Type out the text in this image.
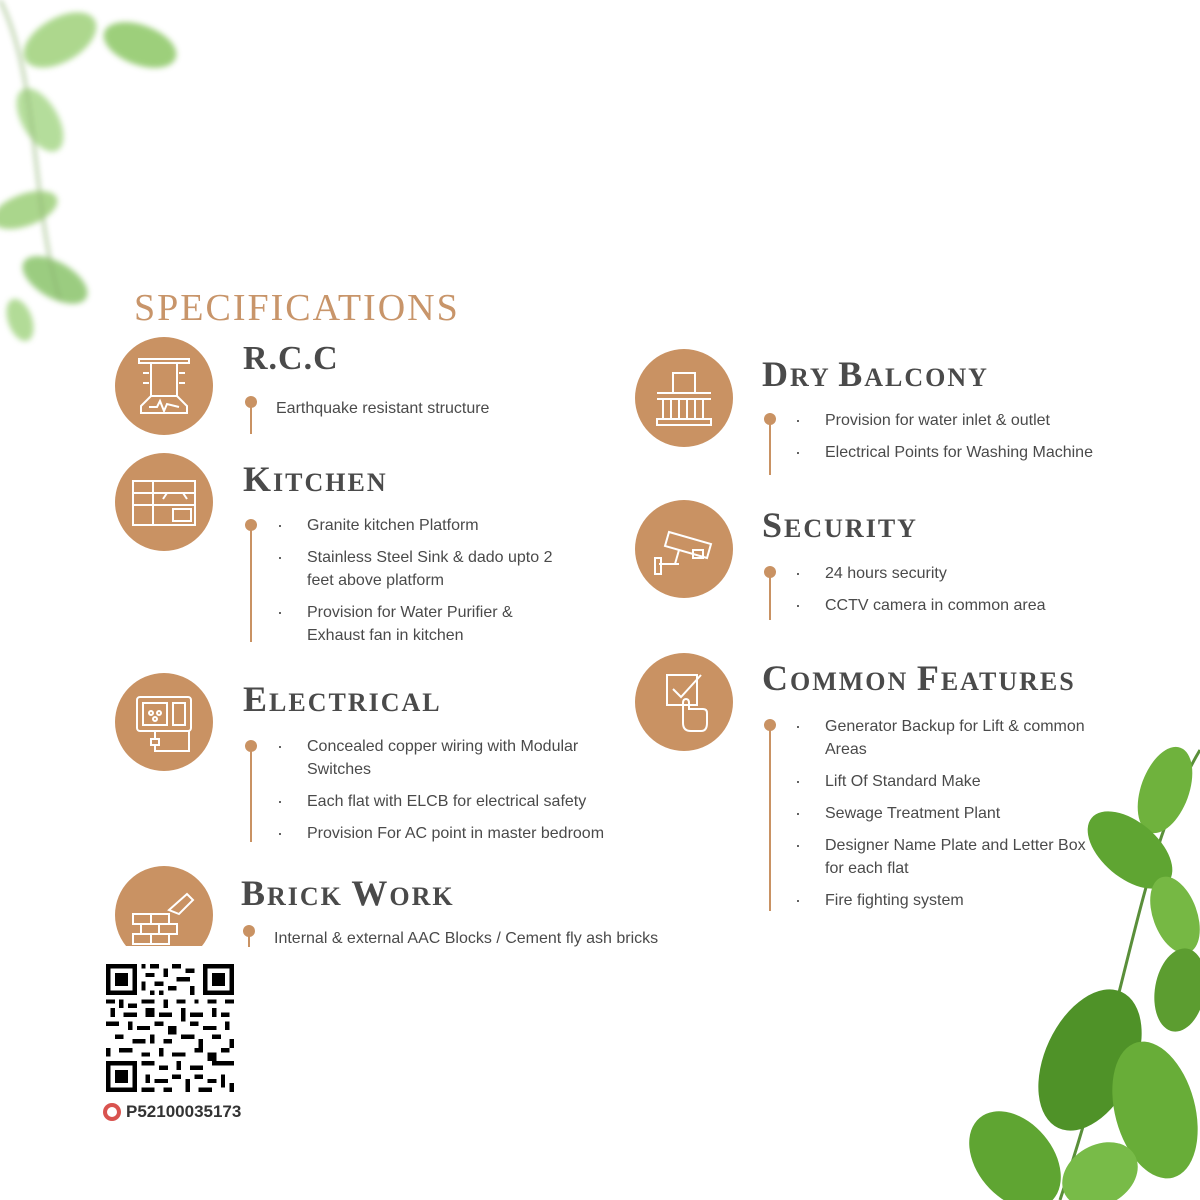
SPECIFICATIONS
R.C.C
Earthquake resistant structure
KITCHEN
· Granite kitchen Platform
· Stainless Steel Sink & dado upto 2
feet above platform
· Provision for Water Purifier &
Exhaust fan in kitchen
ELECTRICAL
· Concealed copper wiring with Modular
Switches
· Each flat with ELCB for electrical safety
· Provision For AC point in master bedroom
BRICK WORK
Internal & external AAC Blocks / Cement fly ash bricks
DRY BALCONY
· Provision for water inlet & outlet
· Electrical Points for Washing Machine
SECURITY
· 24 hours security
· CCTV camera in common area
COMMON FEATURES
· Generator Backup for Lift & common
Areas
· Lift Of Standard Make
· Sewage Treatment Plant
· Designer Name Plate and Letter Box
for each flat
· Fire fighting system
P52100035173
